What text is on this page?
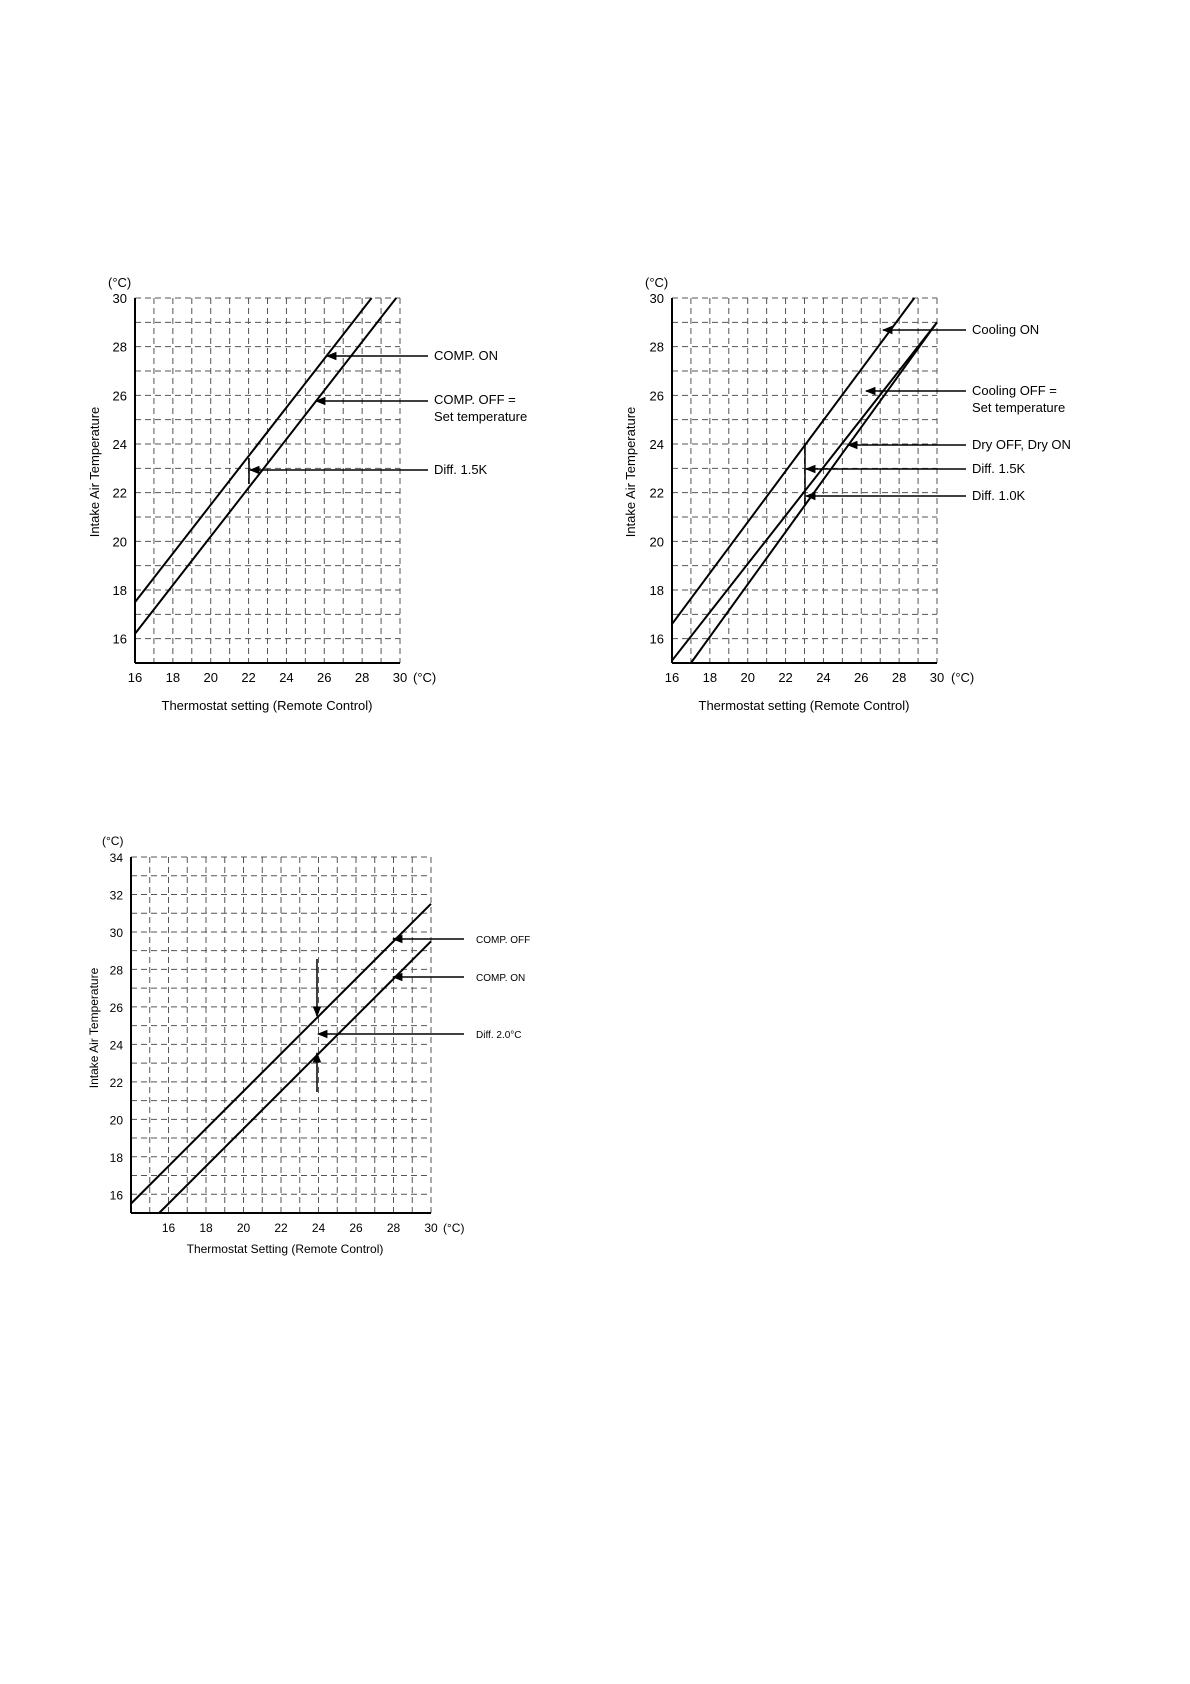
16 18 20 22 24 26 28 30
16
18
20
22
24
26
28
30
(°C)
(°C)
Intake Air Temperature
Thermostat setting (Remote Control)
COMP. ON
COMP. OFF =
Set temperature
Diff. 1.5K
16 18 20 22 24 26 28 30
16
18
20
22
24
26
28
30
(°C)
(°C)
Intake Air Temperature
Thermostat setting (Remote Control)
Cooling ON
Cooling OFF =
Set temperature
Dry OFF, Dry ON
Diff. 1.5K
Diff. 1.0K
16 18 20 22 24 26 28 30
16
18
20
22
24
26
28
30
32
34
(°C)
(°C)
Intake Air Temperature
Thermostat Setting (Remote Control)
COMP. OFF
COMP. ON
Diff. 2.0°C
